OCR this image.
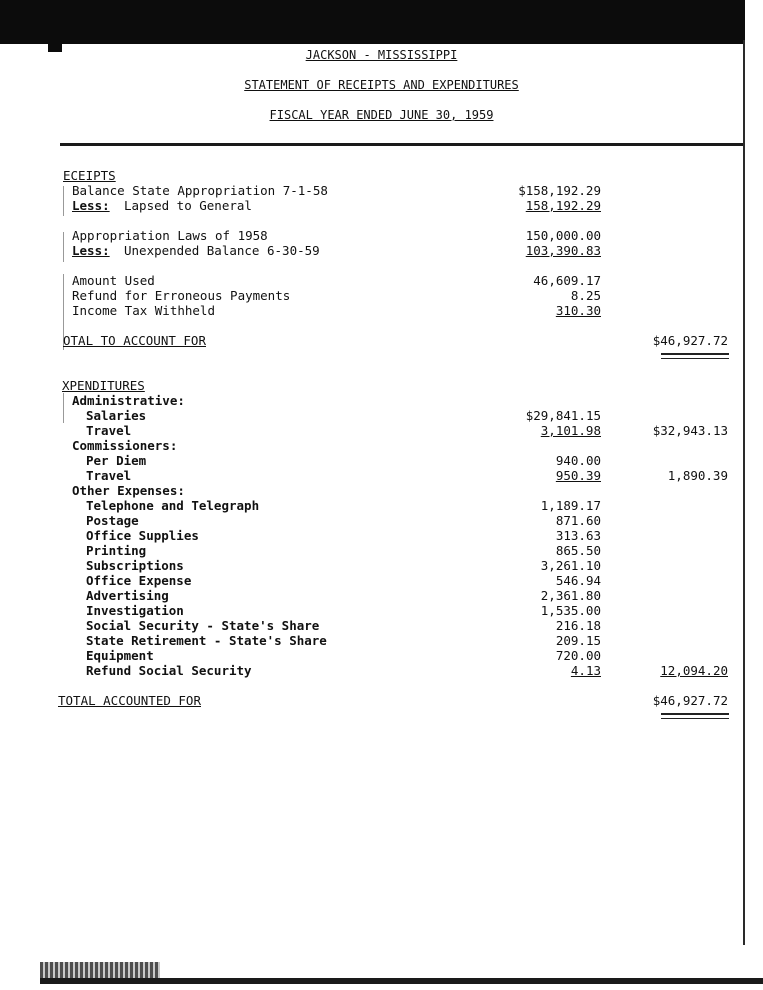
JACKSON - MISSISSIPPI
STATEMENT OF RECEIPTS AND EXPENDITURES
FISCAL YEAR ENDED JUNE 30, 1959
ECEIPTS
Balance State Appropriation 7-1-58	$158,192.29
Less: Lapsed to General	158,192.29
Appropriation Laws of 1958	150,000.00
Less: Unexpended Balance 6-30-59	103,390.83
Amount Used	46,609.17
Refund for Erroneous Payments	8.25
Income Tax Withheld	310.30
OTAL TO ACCOUNT FOR	$46,927.72
XPENDITURES
Administrative:
Salaries	$29,841.15
Travel	3,101.98	$32,943.13
Commissioners:
Per Diem	940.00
Travel	950.39	1,890.39
Other Expenses:
Telephone and Telegraph	1,189.17
Postage	871.60
Office Supplies	313.63
Printing	865.50
Subscriptions	3,261.10
Office Expense	546.94
Advertising	2,361.80
Investigation	1,535.00
Social Security - State's Share	216.18
State Retirement - State's Share	209.15
Equipment	720.00
Refund Social Security	4.13	12,094.20
TOTAL ACCOUNTED FOR	$46,927.72
